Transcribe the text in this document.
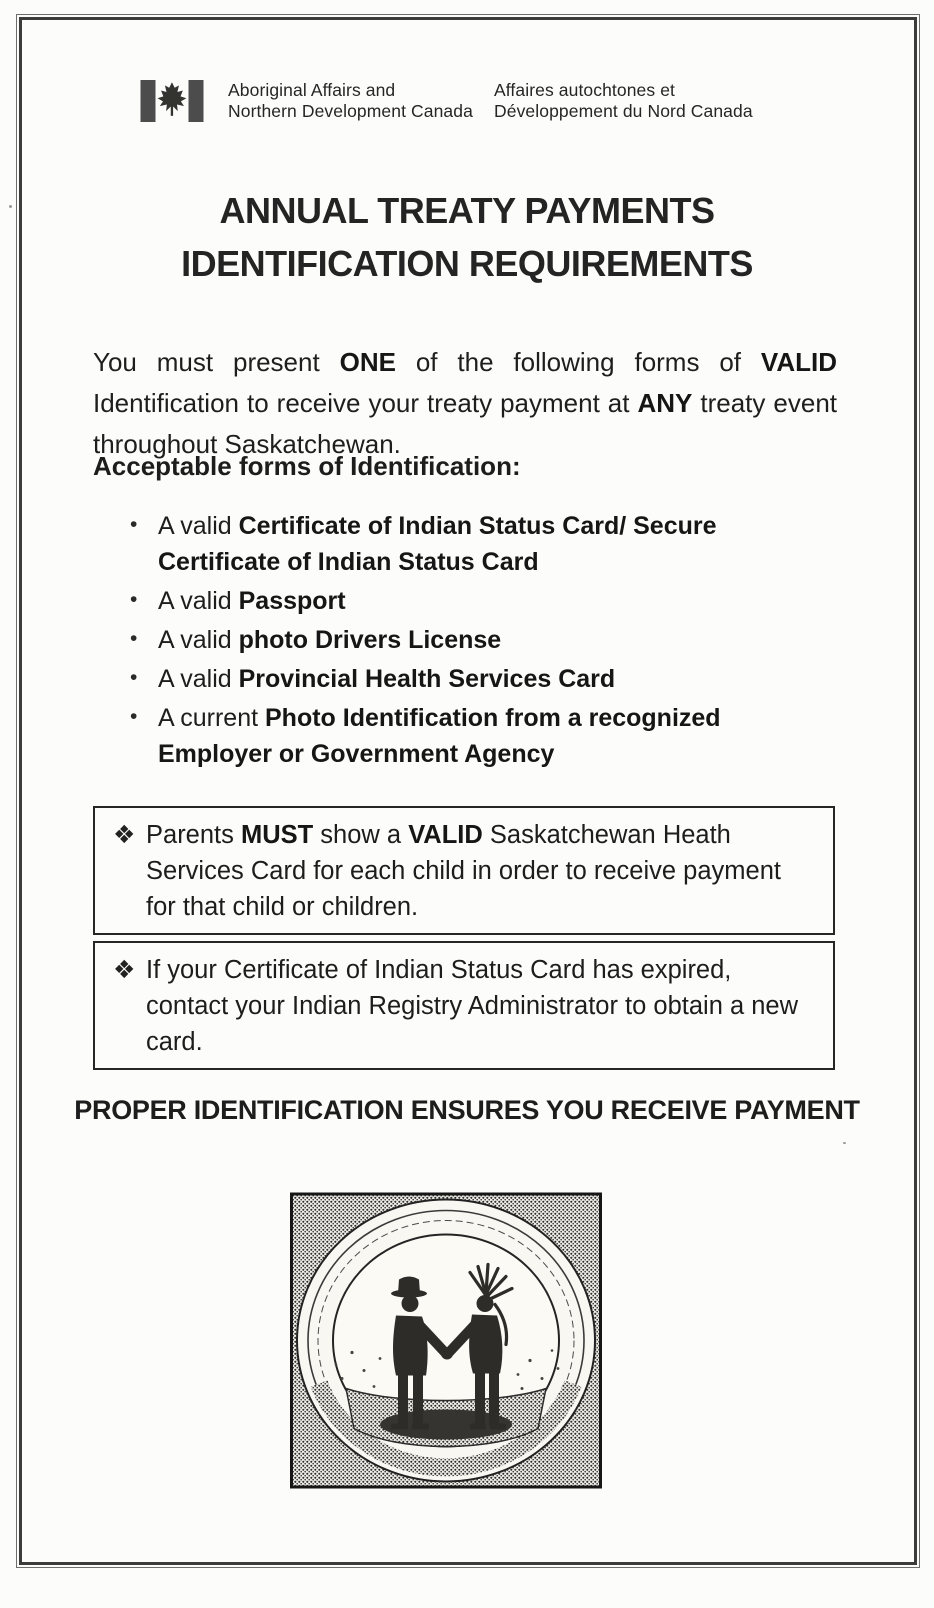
Aboriginal Affairs and
Northern Development Canada
Affaires autochtones et
Développement du Nord Canada
ANNUAL TREATY PAYMENTS
IDENTIFICATION REQUIREMENTS

You must present ONE of the following forms of VALID Identification to receive your treaty payment at ANY treaty event throughout Saskatchewan.

Acceptable forms of Identification:
• A valid Certificate of Indian Status Card/ Secure Certificate of Indian Status Card
• A valid Passport
• A valid photo Drivers License
• A valid Provincial Health Services Card
• A current Photo Identification from a recognized Employer or Government Agency
❖ Parents MUST show a VALID Saskatchewan Heath Services Card for each child in order to receive payment for that child or children.

❖ If your Certificate of Indian Status Card has expired, contact your Indian Registry Administrator to obtain a new card.

PROPER IDENTIFICATION ENSURES YOU RECEIVE PAYMENT
